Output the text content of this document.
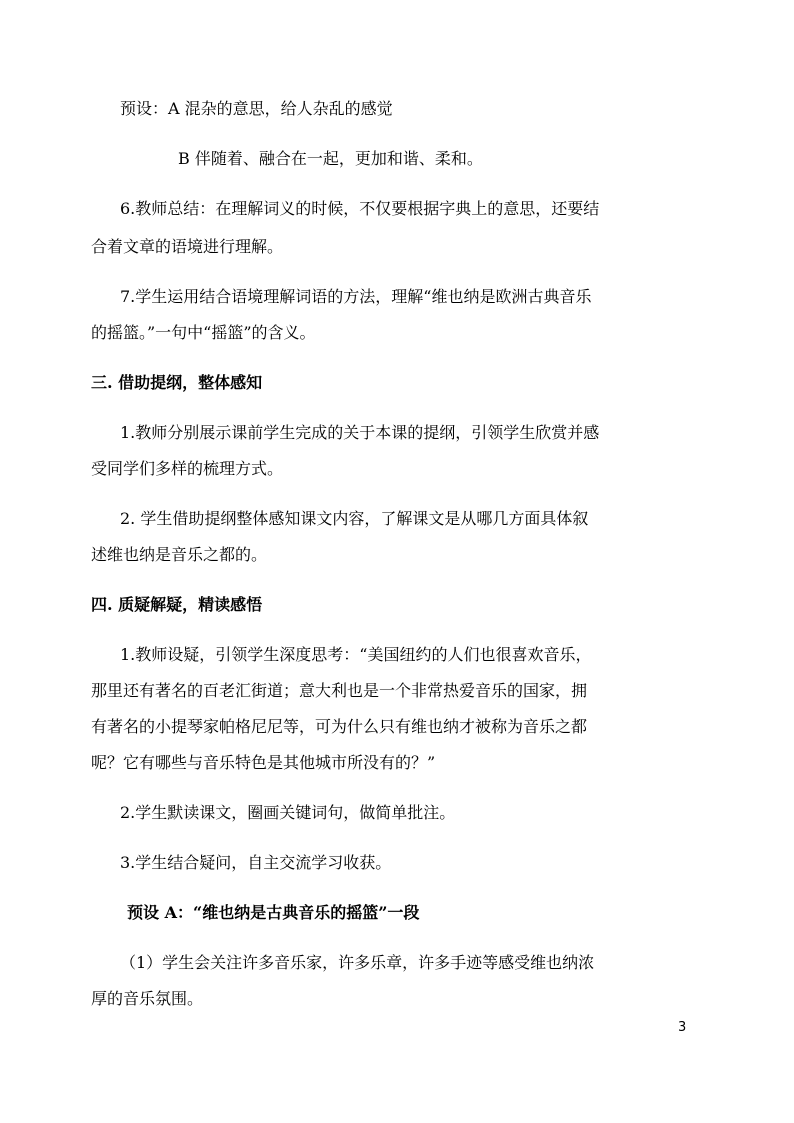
预设：A 混杂的意思，给人杂乱的感觉
B 伴随着、融合在一起，更加和谐、柔和。
6.教师总结：在理解词义的时候，不仅要根据字典上的意思，还要结
合着文章的语境进行理解。
7.学生运用结合语境理解词语的方法，理解“维也纳是欧洲古典音乐
的摇篮。”一句中“摇篮”的含义。
三. 借助提纲，整体感知
1.教师分别展示课前学生完成的关于本课的提纲，引领学生欣赏并感
受同学们多样的梳理方式。
2. 学生借助提纲整体感知课文内容，了解课文是从哪几方面具体叙
述维也纳是音乐之都的。
四. 质疑解疑，精读感悟
1.教师设疑，引领学生深度思考：“美国纽约的人们也很喜欢音乐，
那里还有著名的百老汇街道；意大利也是一个非常热爱音乐的国家，拥
有著名的小提琴家帕格尼尼等，可为什么只有维也纳才被称为音乐之都
呢？它有哪些与音乐特色是其他城市所没有的？”
2.学生默读课文，圈画关键词句，做简单批注。
3.学生结合疑问，自主交流学习收获。
预设 A：“维也纳是古典音乐的摇篮”一段
（1）学生会关注许多音乐家，许多乐章，许多手迹等感受维也纳浓
厚的音乐氛围。
3
